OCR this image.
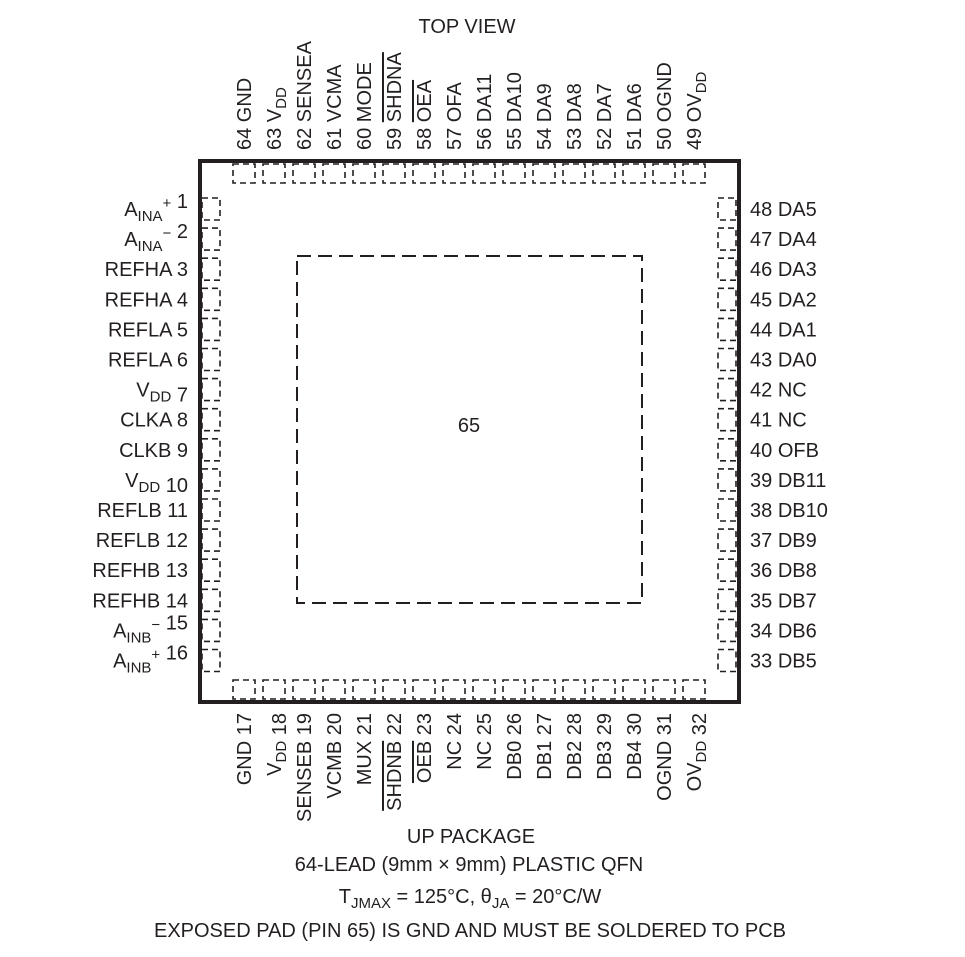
TOP VIEW
65
$A_{INA}^+$ 1
$A_{INA}^-$ 2
REFHA 3
REFHA 4
REFLA 5
REFLA 6
$V_{DD}$ 7
CLKA 8
CLKB 9
$V_{DD}$ 10
REFLB 11
REFLB 12
REFHB 13
REFHB 14
$A_{INB}^-$ 15
$A_{INB}^+$ 16
48 DA5
47 DA4
46 DA3
45 DA2
44 DA1
43 DA0
42 NC
41 NC
40 OFB
39 DB11
38 DB10
37 DB9
36 DB8
35 DB7
34 DB6
33 DB5
64 GND
63 $V_{DD}$
62 SENSEA
61 VCMA
60 MODE
59 SHDNA
58 OEA
57 OFA
56 DA11
55 DA10
54 DA9
53 DA8
52 DA7
51 DA6
50 OGND
49 $OV_{DD}$
GND 17
$V_{DD}$ 18
SENSEB 19
VCMB 20
MUX 21
SHDNB 22
OEB 23
NC 24
NC 25
DB0 26
DB1 27
DB2 28
DB3 29
DB4 30
OGND 31
$OV_{DD}$ 32
UP PACKAGE
64-LEAD (9mm × 9mm) PLASTIC QFN
$T_{JMAX} = 125^\circ C$, $\theta_{JA} = 20^\circ C/W$
EXPOSED PAD (PIN 65) IS GND AND MUST BE SOLDERED TO PCB
